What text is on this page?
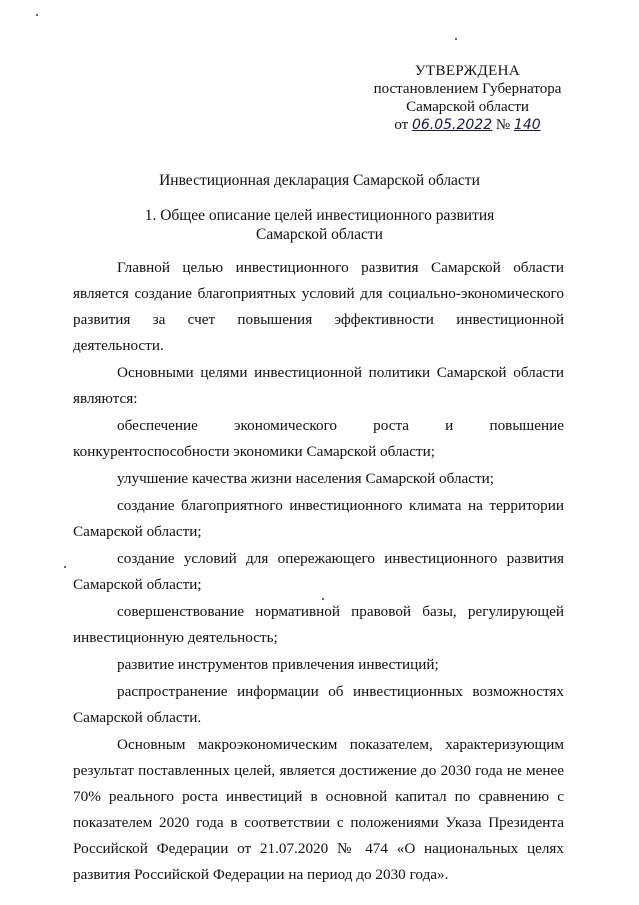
УТВЕРЖДЕНА
постановлением Губернатора
Самарской области
от 06.05.2022 № 140
Инвестиционная декларация Самарской области
1. Общее описание целей инвестиционного развития
Самарской области

Главной целью инвестиционного развития Самарской области является создание благоприятных условий для социально-экономического развития за счет повышения эффективности инвестиционной деятельности.

Основными целями инвестиционной политики Самарской области являются:

обеспечение экономического роста и повышение конкурентоспособности экономики Самарской области;

улучшение качества жизни населения Самарской области;

создание благоприятного инвестиционного климата на территории Самарской области;

создание условий для опережающего инвестиционного развития Самарской области;

совершенствование нормативной правовой базы, регулирующей инвестиционную деятельность;

развитие инструментов привлечения инвестиций;

распространение информации об инвестиционных возможностях Самарской области.

Основным макроэкономическим показателем, характеризующим результат поставленных целей, является достижение до 2030 года не менее 70% реального роста инвестиций в основной капитал по сравнению с показателем 2020 года в соответствии с положениями Указа Президента Российской Федерации от 21.07.2020 № 474 «О национальных целях развития Российской Федерации на период до 2030 года».
